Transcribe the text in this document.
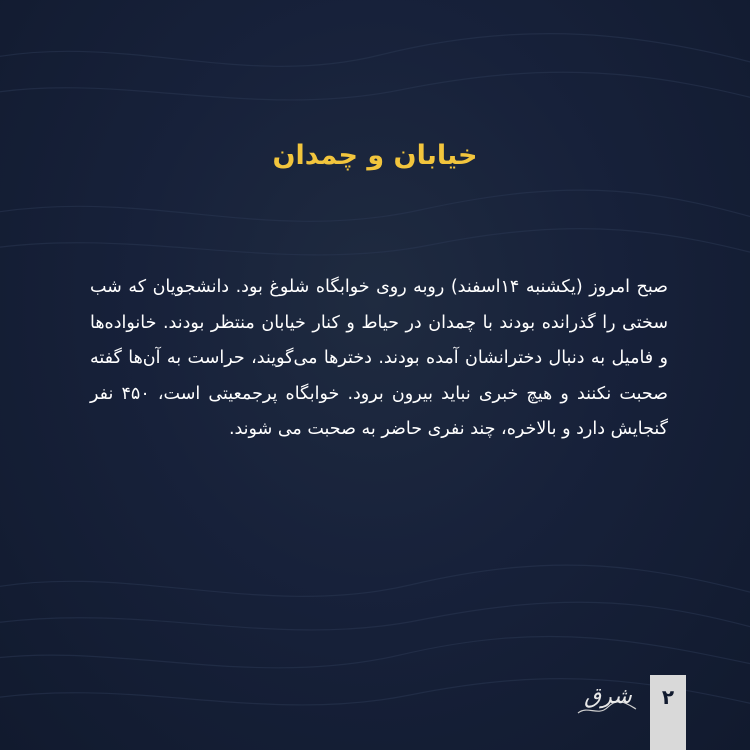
خیابان و چمدان
صبح امروز (یکشنبه ۱۴اسفند) روبه روی خوابگاه شلوغ بود. دانشجویان که شب سختی را گذرانده بودند با چمدان در حیاط و کنار خیابان منتظر بودند. خانواده‌ها و فامیل به دنبال دخترانشان آمده بودند. دخترها می‌گویند، حراست به آن‌ها گفته صحبت نکنند و هیچ خبری نباید بیرون برود. خوابگاه پرجمعیتی است، ۴۵۰ نفر گنجایش دارد و بالاخره، چند نفری حاضر به صحبت می شوند.
شرق	۲
